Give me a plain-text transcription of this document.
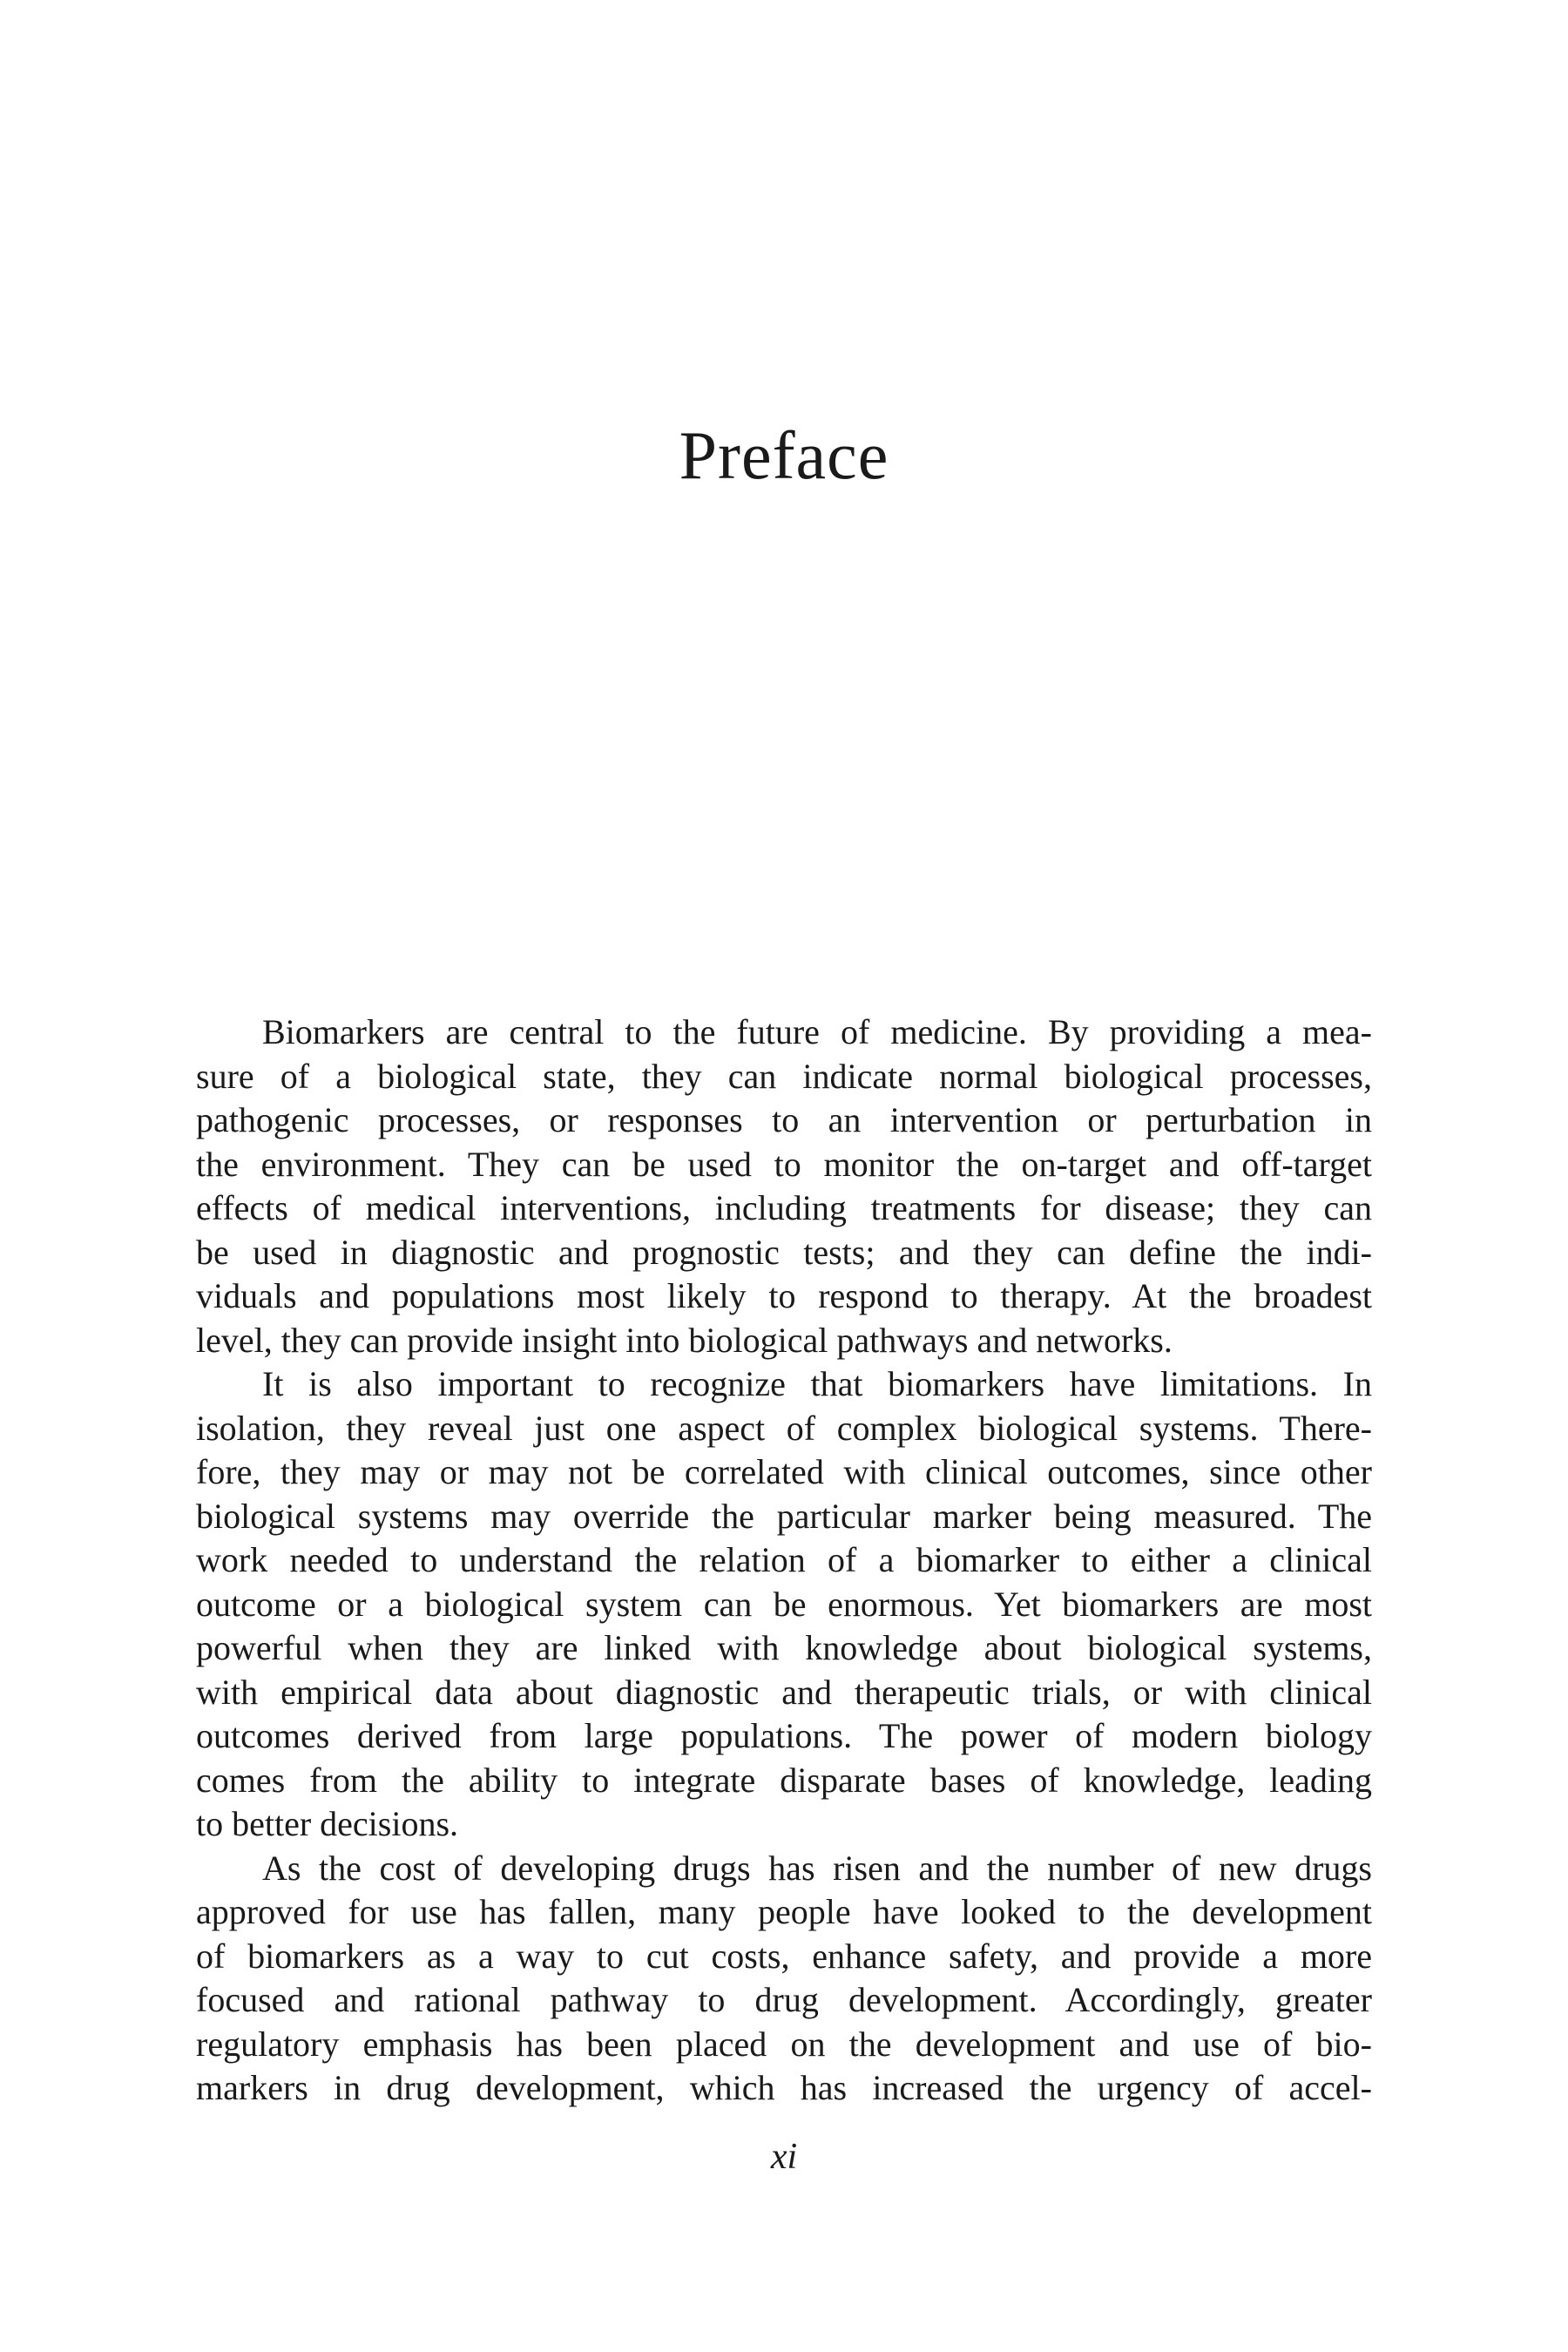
Preface
Biomarkers are central to the future of medicine. By providing a mea-
sure of a biological state, they can indicate normal biological processes,
pathogenic processes, or responses to an intervention or perturbation in
the environment. They can be used to monitor the on-target and off-target
effects of medical interventions, including treatments for disease; they can
be used in diagnostic and prognostic tests; and they can define the indi-
viduals and populations most likely to respond to therapy. At the broadest
level, they can provide insight into biological pathways and networks.
It is also important to recognize that biomarkers have limitations. In
isolation, they reveal just one aspect of complex biological systems. There-
fore, they may or may not be correlated with clinical outcomes, since other
biological systems may override the particular marker being measured. The
work needed to understand the relation of a biomarker to either a clinical
outcome or a biological system can be enormous. Yet biomarkers are most
powerful when they are linked with knowledge about biological systems,
with empirical data about diagnostic and therapeutic trials, or with clinical
outcomes derived from large populations. The power of modern biology
comes from the ability to integrate disparate bases of knowledge, leading
to better decisions.
As the cost of developing drugs has risen and the number of new drugs
approved for use has fallen, many people have looked to the development
of biomarkers as a way to cut costs, enhance safety, and provide a more
focused and rational pathway to drug development. Accordingly, greater
regulatory emphasis has been placed on the development and use of bio-
markers in drug development, which has increased the urgency of accel-
xi
